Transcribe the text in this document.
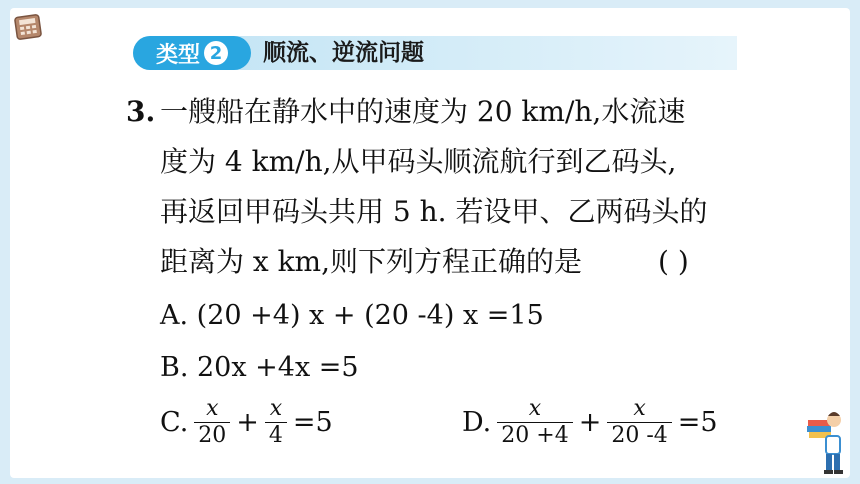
类型 2 顺流、逆流问题
3. 一艘船在静水中的速度为 20 km/h,水流速
度为 4 km/h,从甲码头顺流航行到乙码头,
再返回甲码头共用 5 h. 若设甲、乙两码头的
距离为 x km,则下列方程正确的是	( )
A. (20 +4) x + (20 -4) x =15
B. 20x +4x =5
C. $\frac{x}{20} + \frac{x}{4} =5$	D. $\frac{x}{20 +4} + \frac{x}{20 -4} =5$
